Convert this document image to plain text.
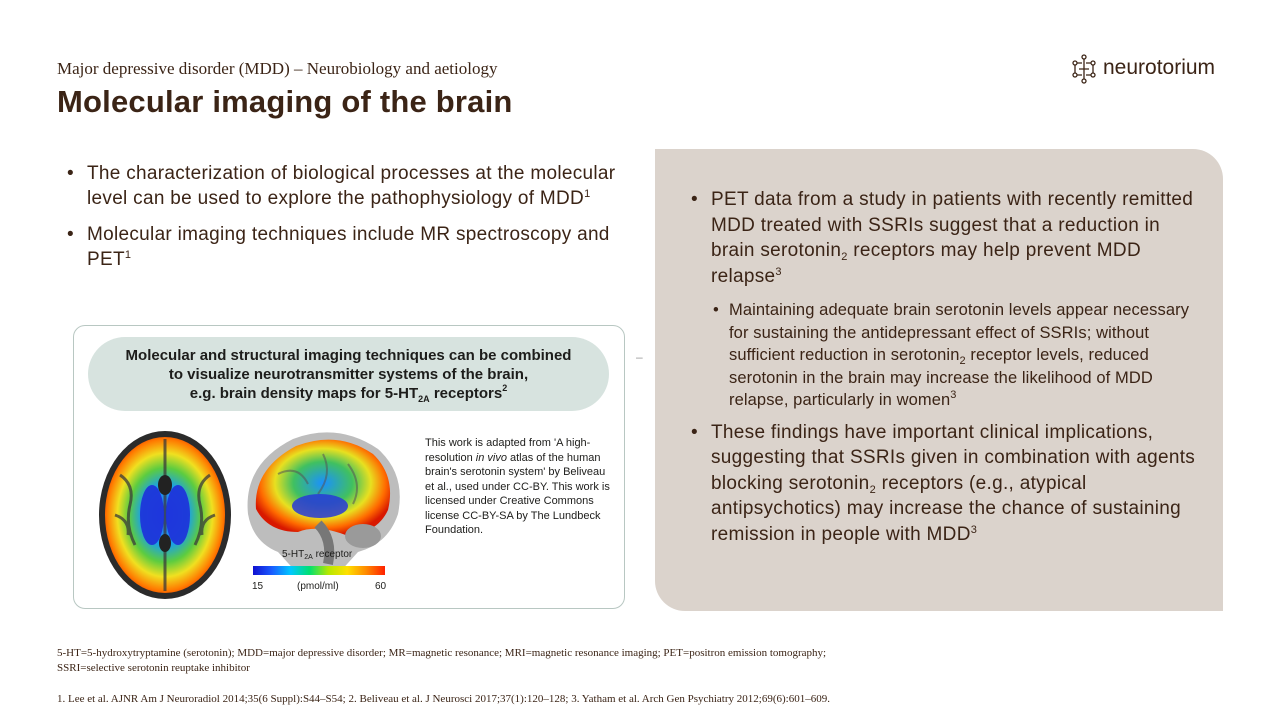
Major depressive disorder (MDD) – Neurobiology and aetiology
Molecular imaging of the brain
neurotorium
• The characterization of biological processes at the molecular level can be used to explore the pathophysiology of MDD$^1$
• Molecular imaging techniques include MR spectroscopy and PET$^1$
Molecular and structural imaging techniques can be combined
to visualize neurotransmitter systems of the brain,
e.g. brain density maps for $5-HT_{2A}$ receptors$^2$
$5-HT_{2A}$ receptor
15	(pmol/ml)	60
This work is adapted from 'A high-resolution in vivo atlas of the human brain's serotonin system' by Beliveau et al., used under CC-BY. This work is licensed under Creative Commons license CC-BY-SA by The Lundbeck Foundation.
–
• PET data from a study in patients with recently remitted MDD treated with SSRIs suggest that a reduction in brain serotonin$_2$ receptors may help prevent MDD relapse$^3$
• Maintaining adequate brain serotonin levels appear necessary for sustaining the antidepressant effect of SSRIs; without sufficient reduction in serotonin$_2$ receptor levels, reduced serotonin in the brain may increase the likelihood of MDD relapse, particularly in women$^3$
• These findings have important clinical implications, suggesting that SSRIs given in combination with agents blocking serotonin$_2$ receptors (e.g., atypical antipsychotics) may increase the chance of sustaining remission in people with MDD$^3$
5-HT=5-hydroxytryptamine (serotonin); MDD=major depressive disorder; MR=magnetic resonance; MRI=magnetic resonance imaging; PET=positron emission tomography;
SSRI=selective serotonin reuptake inhibitor
1. Lee et al. AJNR Am J Neuroradiol 2014;35(6 Suppl):S44–S54; 2. Beliveau et al. J Neurosci 2017;37(1):120–128; 3. Yatham et al. Arch Gen Psychiatry 2012;69(6):601–609.
